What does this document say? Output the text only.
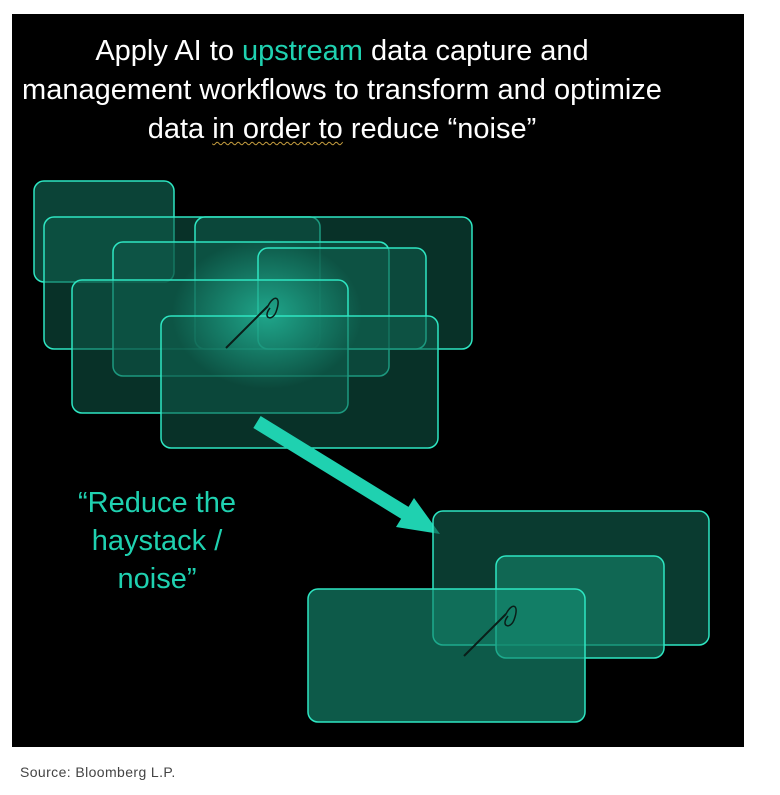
Apply AI to upstream data capture and management workflows to transform and optimize data in order to reduce “noise”

“Reduce the haystack / noise”
Source: Bloomberg L.P.
